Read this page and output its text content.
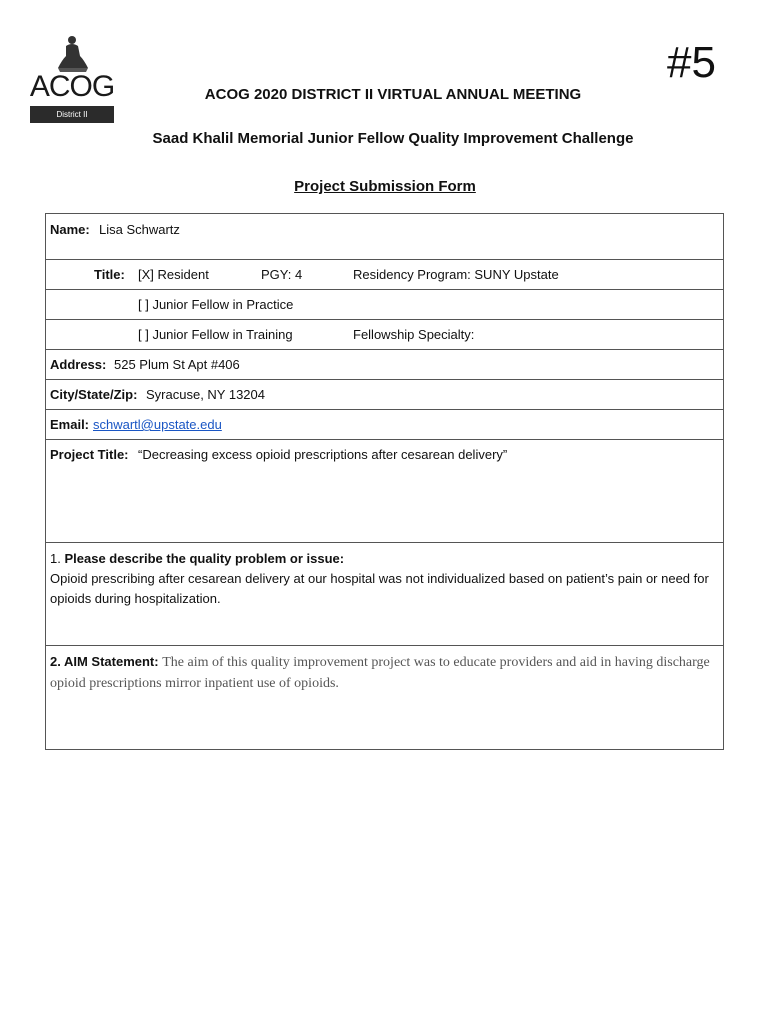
ACOG
District II
#5
ACOG 2020 DISTRICT II VIRTUAL ANNUAL MEETING
Saad Khalil Memorial Junior Fellow Quality Improvement Challenge
Project Submission Form
Name: Lisa Schwartz
Title: [X] Resident	PGY: 4	Residency Program: SUNY Upstate
[ ] Junior Fellow in Practice
[ ] Junior Fellow in Training	Fellowship Specialty:
Address: 525 Plum St Apt #406
City/State/Zip: Syracuse, NY 13204
Email: schwartl@upstate.edu
Project Title: “Decreasing excess opioid prescriptions after cesarean delivery”
1. Please describe the quality problem or issue:
Opioid prescribing after cesarean delivery at our hospital was not individualized based on patient’s pain or need for opioids during hospitalization.
2. AIM Statement: The aim of this quality improvement project was to educate providers and aid in having discharge opioid prescriptions mirror inpatient use of opioids.
